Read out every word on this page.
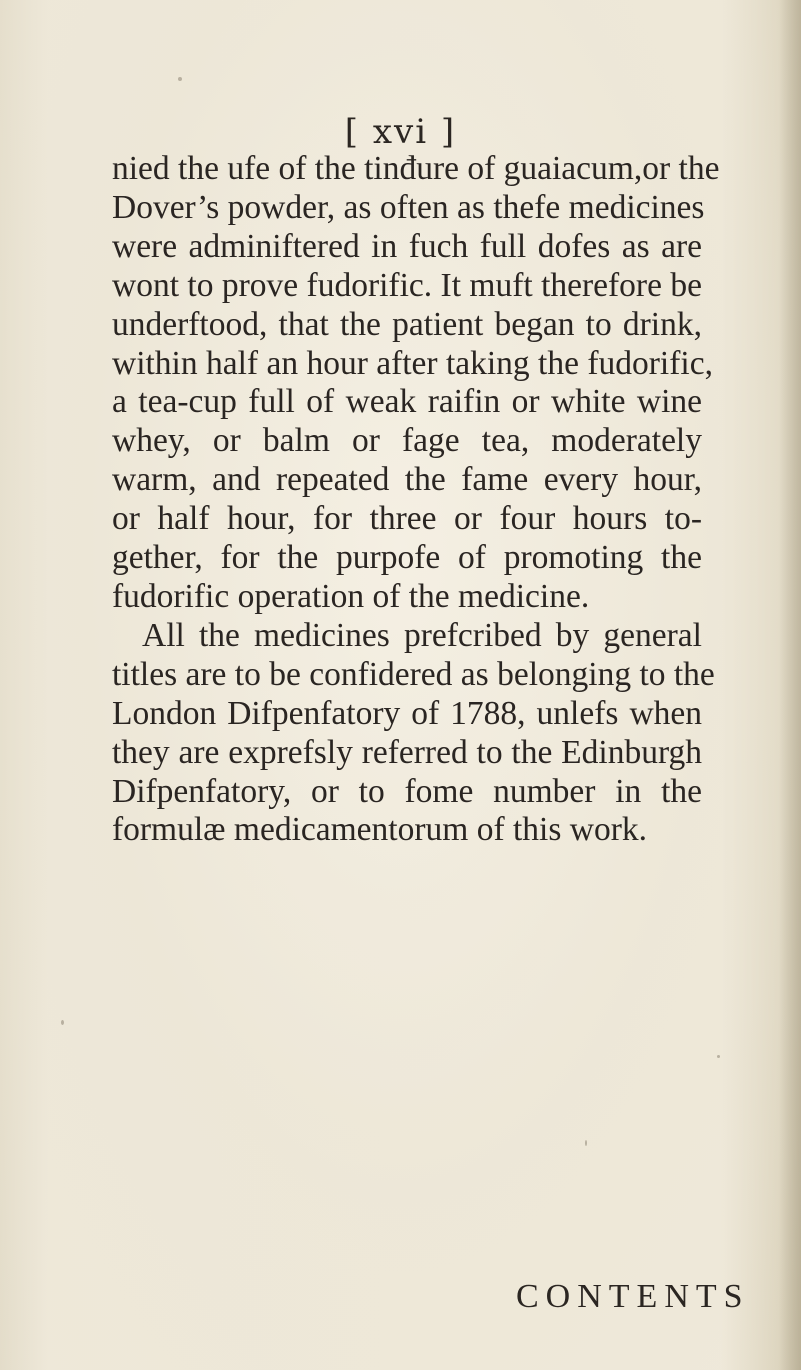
[ xvi ]
nied the ufe of the tinđure of guaiacum,or the
Dover’s powder, as often as thefe medicines
were adminiftered in fuch full dofes as are
wont to prove fudorific. It muft therefore be
underftood, that the patient began to drink,
within half an hour after taking the fudorific,
a tea-cup full of weak raifin or white wine
whey, or balm or fage tea, moderately
warm, and repeated the fame every hour,
or half hour, for three or four hours to-
gether, for the purpofe of promoting the
fudorific operation of the medicine.
All the medicines prefcribed by general
titles are to be confidered as belonging to the
London Difpenfatory of 1788, unlefs when
they are exprefsly referred to the Edinburgh
Difpenfatory, or to fome number in the
formulæ medicamentorum of this work.
CONTENTS
